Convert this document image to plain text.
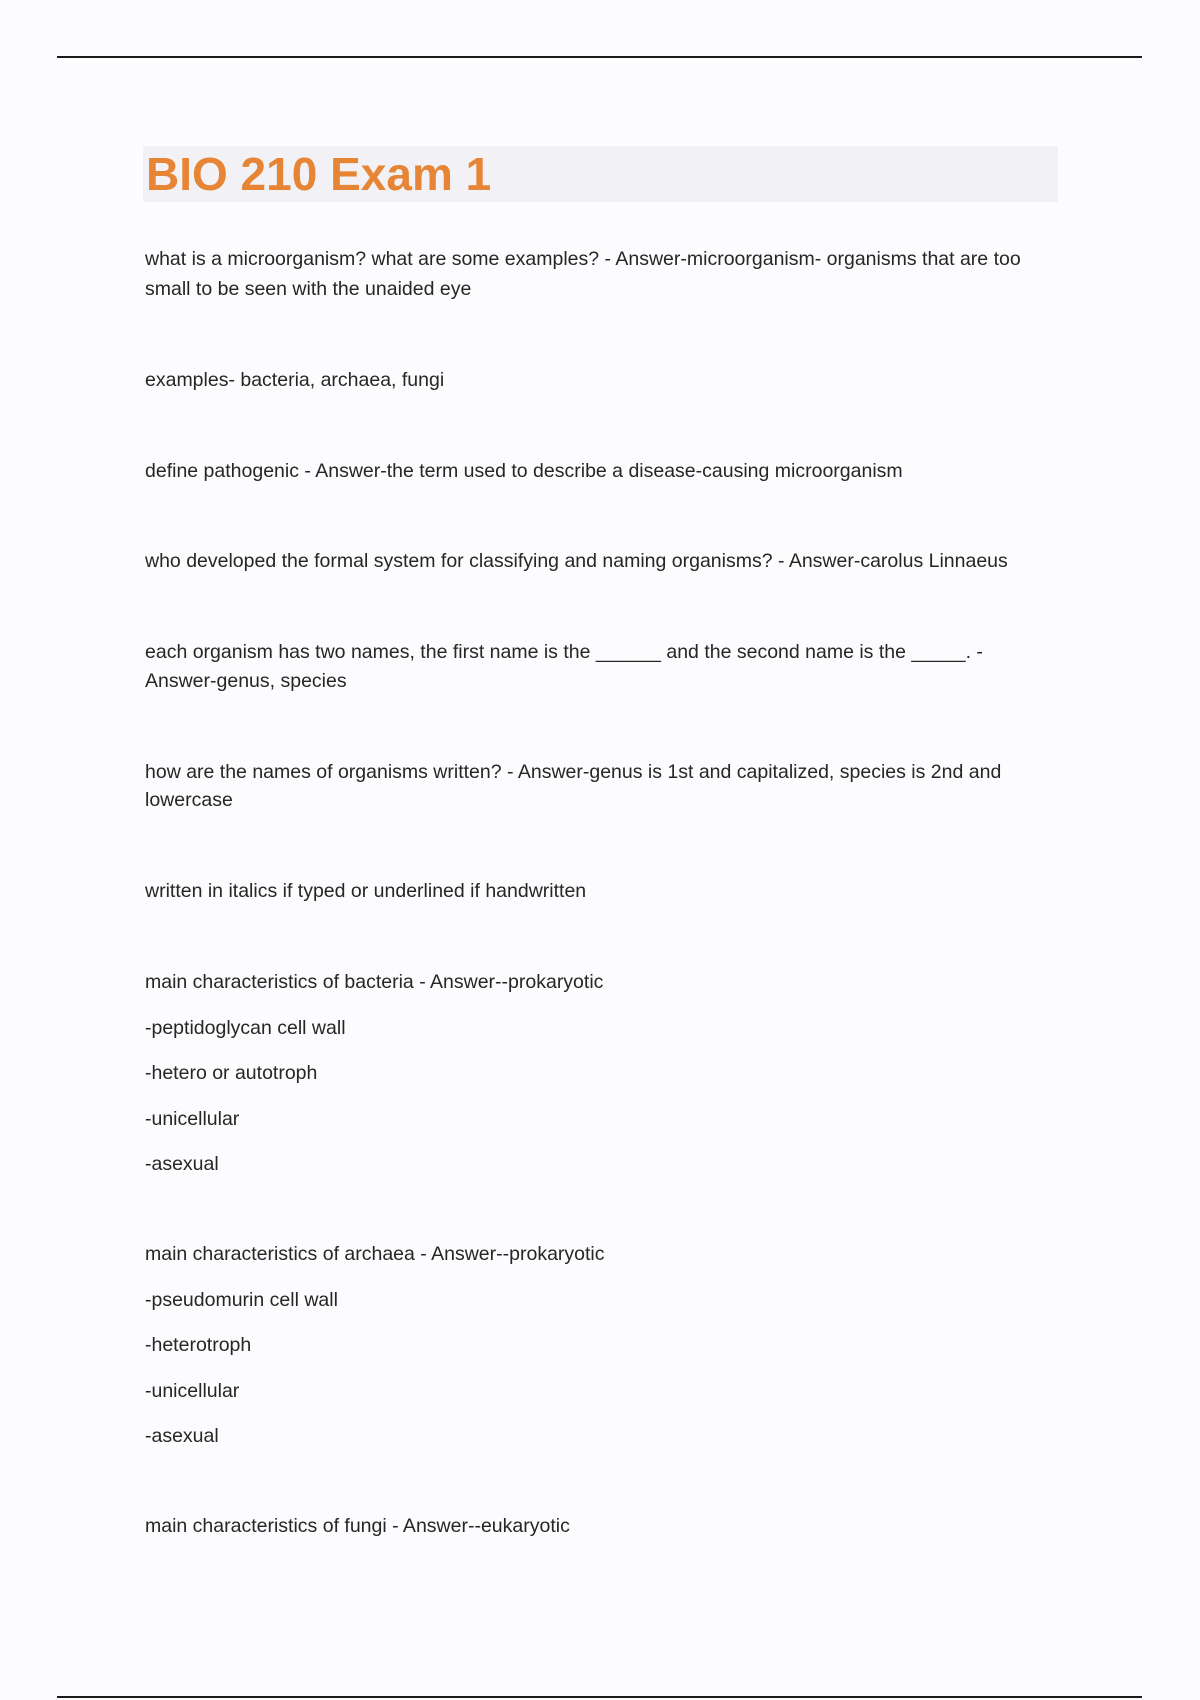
BIO 210 Exam 1

what is a microorganism? what are some examples? - Answer-microorganism- organisms that are too

small to be seen with the unaided eye

examples- bacteria, archaea, fungi

define pathogenic - Answer-the term used to describe a disease-causing microorganism

who developed the formal system for classifying and naming organisms? - Answer-carolus Linnaeus

each organism has two names, the first name is the ______ and the second name is the _____. -

Answer-genus, species

how are the names of organisms written? - Answer-genus is 1st and capitalized, species is 2nd and

lowercase

written in italics if typed or underlined if handwritten

main characteristics of bacteria - Answer--prokaryotic

-peptidoglycan cell wall

-hetero or autotroph

-unicellular

-asexual

main characteristics of archaea - Answer--prokaryotic

-pseudomurin cell wall

-heterotroph

-unicellular

-asexual

main characteristics of fungi - Answer--eukaryotic
